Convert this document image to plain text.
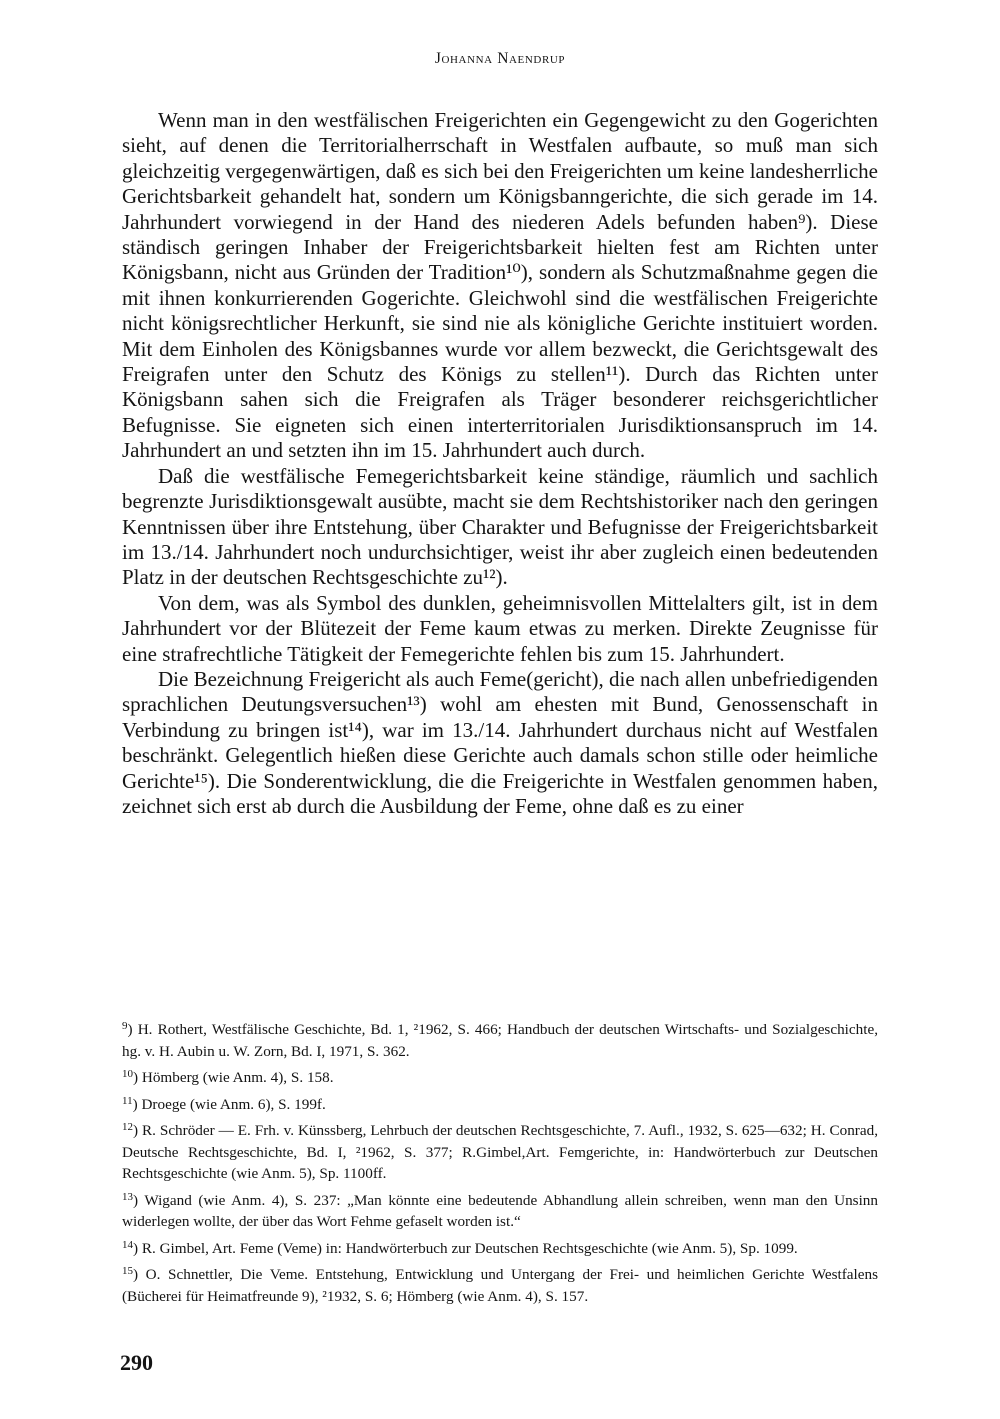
Johanna Naendrup

Wenn man in den westfälischen Freigerichten ein Gegengewicht zu den Gogerichten sieht, auf denen die Territorialherrschaft in Westfalen aufbaute, so muß man sich gleichzeitig vergegenwärtigen, daß es sich bei den Freigerichten um keine landesherrliche Gerichtsbarkeit gehandelt hat, sondern um Königsbanngerichte, die sich gerade im 14. Jahrhundert vorwiegend in der Hand des niederen Adels befunden haben⁹). Diese ständisch geringen Inhaber der Freigerichtsbarkeit hielten fest am Richten unter Königsbann, nicht aus Gründen der Tradition¹⁰), sondern als Schutzmaßnahme gegen die mit ihnen konkurrierenden Gogerichte. Gleichwohl sind die westfälischen Freigerichte nicht königsrechtlicher Herkunft, sie sind nie als königliche Gerichte instituiert worden. Mit dem Einholen des Königsbannes wurde vor allem bezweckt, die Gerichtsgewalt des Freigrafen unter den Schutz des Königs zu stellen¹¹). Durch das Richten unter Königsbann sahen sich die Freigrafen als Träger besonderer reichsgerichtlicher Befugnisse. Sie eigneten sich einen interterritorialen Jurisdiktionsanspruch im 14. Jahrhundert an und setzten ihn im 15. Jahrhundert auch durch.

Daß die westfälische Femegerichtsbarkeit keine ständige, räumlich und sachlich begrenzte Jurisdiktionsgewalt ausübte, macht sie dem Rechtshistoriker nach den geringen Kenntnissen über ihre Entstehung, über Charakter und Befugnisse der Freigerichtsbarkeit im 13./14. Jahrhundert noch undurchsichtiger, weist ihr aber zugleich einen bedeutenden Platz in der deutschen Rechtsgeschichte zu¹²).

Von dem, was als Symbol des dunklen, geheimnisvollen Mittelalters gilt, ist in dem Jahrhundert vor der Blütezeit der Feme kaum etwas zu merken. Direkte Zeugnisse für eine strafrechtliche Tätigkeit der Femegerichte fehlen bis zum 15. Jahrhundert.

Die Bezeichnung Freigericht als auch Feme(gericht), die nach allen unbefriedigenden sprachlichen Deutungsversuchen¹³) wohl am ehesten mit Bund, Genossenschaft in Verbindung zu bringen ist¹⁴), war im 13./14. Jahrhundert durchaus nicht auf Westfalen beschränkt. Gelegentlich hießen diese Gerichte auch damals schon stille oder heimliche Gerichte¹⁵). Die Sonderentwicklung, die die Freigerichte in Westfalen genommen haben, zeichnet sich erst ab durch die Ausbildung der Feme, ohne daß es zu einer

$^9$) H. Rothert, Westfälische Geschichte, Bd. 1, ²1962, S. 466; Handbuch der deutschen Wirtschafts- und Sozialgeschichte, hg. v. H. Aubin u. W. Zorn, Bd. I, 1971, S. 362.

$^{10}$) Hömberg (wie Anm. 4), S. 158.

$^{11}$) Droege (wie Anm. 6), S. 199f.

$^{12}$) R. Schröder — E. Frh. v. Künssberg, Lehrbuch der deutschen Rechtsgeschichte, 7. Aufl., 1932, S. 625—632; H. Conrad, Deutsche Rechtsgeschichte, Bd. I, ²1962, S. 377; R.Gimbel,Art. Femgerichte, in: Handwörterbuch zur Deutschen Rechtsgeschichte (wie Anm. 5), Sp. 1100ff.

$^{13}$) Wigand (wie Anm. 4), S. 237: „Man könnte eine bedeutende Abhandlung allein schreiben, wenn man den Unsinn widerlegen wollte, der über das Wort Fehme gefaselt worden ist.“

$^{14}$) R. Gimbel, Art. Feme (Veme) in: Handwörterbuch zur Deutschen Rechtsgeschichte (wie Anm. 5), Sp. 1099.

$^{15}$) O. Schnettler, Die Veme. Entstehung, Entwicklung und Untergang der Frei- und heimlichen Gerichte Westfalens (Bücherei für Heimatfreunde 9), ²1932, S. 6; Hömberg (wie Anm. 4), S. 157.

290
